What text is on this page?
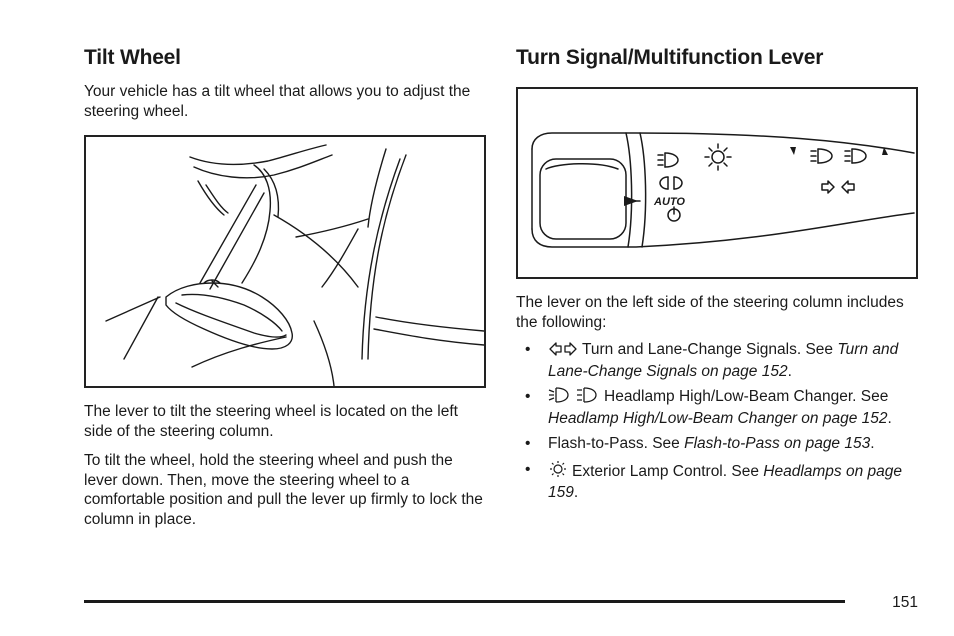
Tilt Wheel

Your vehicle has a tilt wheel that allows you to adjust the steering wheel.

The lever to tilt the steering wheel is located on the left side of the steering column.

To tilt the wheel, hold the steering wheel and push the lever down. Then, move the steering wheel to a comfortable position and pull the lever up firmly to lock the column in place.

Turn Signal/Multifunction Lever
AUTO

The lever on the left side of the steering column includes the following:

•	Turn and Lane-Change Signals. See Turn and Lane-Change Signals on page 152.
•	Headlamp High/Low-Beam Changer. See Headlamp High/Low-Beam Changer on page 152.
• Flash-to-Pass. See Flash-to-Pass on page 153.
•	Exterior Lamp Control. See Headlamps on page 159.
151
